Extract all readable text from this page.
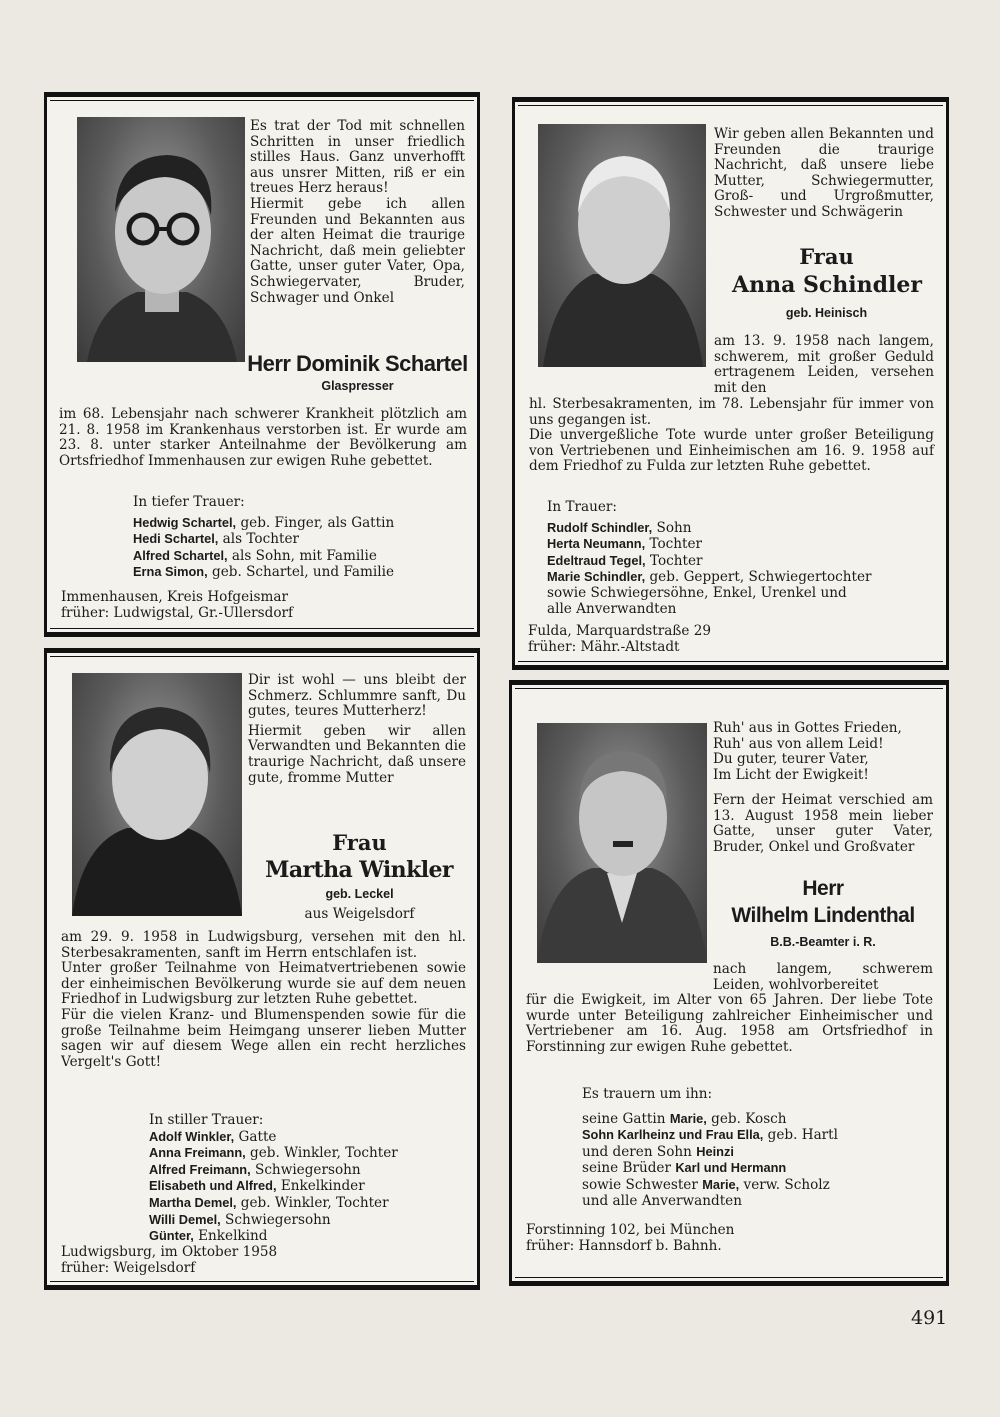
Es trat der Tod mit schnellen Schritten in unser friedlich stilles Haus. Ganz unverhofft aus unsrer Mitten, riß er ein treues Herz heraus!

Hiermit gebe ich allen Freunden und Bekannten aus der alten Heimat die traurige Nachricht, daß mein geliebter Gatte, unser guter Vater, Opa, Schwiegervater, Bruder, Schwager und Onkel

Herr Dominik Schartel
Glaspresser
im 68. Lebensjahr nach schwerer Krankheit plötzlich am 21. 8. 1958 im Krankenhaus verstorben ist. Er wurde am 23. 8. unter starker Anteilnahme der Bevölkerung am Ortsfriedhof Immenhausen zur ewigen Ruhe gebettet.

In tiefer Trauer:

Hedwig Schartel, geb. Finger, als Gattin

Hedi Schartel, als Tochter

Alfred Schartel, als Sohn, mit Familie

Erna Simon, geb. Schartel, und Familie

Immenhausen, Kreis Hofgeismar

früher: Ludwigstal, Gr.-Ullersdorf

Wir geben allen Bekannten und Freunden die traurige Nachricht, daß unsere liebe Mutter, Schwiegermutter, Groß- und Urgroßmutter, Schwester und Schwägerin
Frau
Anna Schindler
geb. Heinisch
am 13. 9. 1958 nach langem, schwerem, mit großer Geduld ertragenem Leiden, versehen mit den

hl. Sterbesakramenten, im 78. Lebensjahr für immer von uns gegangen ist.

Die unvergeßliche Tote wurde unter großer Beteiligung von Vertriebenen und Einheimischen am 16. 9. 1958 auf dem Friedhof zu Fulda zur letzten Ruhe gebettet.

In Trauer:

Rudolf Schindler, Sohn

Herta Neumann, Tochter

Edeltraud Tegel, Tochter

Marie Schindler, geb. Geppert, Schwiegertochter

sowie Schwiegersöhne, Enkel, Urenkel und

alle Anverwandten

Fulda, Marquardstraße 29

früher: Mähr.-Altstadt

Dir ist wohl — uns bleibt der Schmerz. Schlummre sanft, Du gutes, teures Mutterherz!

Hiermit geben wir allen Verwandten und Bekannten die traurige Nachricht, daß unsere gute, fromme Mutter

Frau
Martha Winkler
geb. Leckel
aus Weigelsdorf

am 29. 9. 1958 in Ludwigsburg, versehen mit den hl. Sterbesakramenten, sanft im Herrn entschlafen ist.

Unter großer Teilnahme von Heimatvertriebenen sowie der einheimischen Bevölkerung wurde sie auf dem neuen Friedhof in Ludwigsburg zur letzten Ruhe gebettet.

Für die vielen Kranz- und Blumenspenden sowie für die große Teilnahme beim Heimgang unserer lieben Mutter sagen wir auf diesem Wege allen ein recht herzliches Vergelt's Gott!

In stiller Trauer:

Adolf Winkler, Gatte

Anna Freimann, geb. Winkler, Tochter

Alfred Freimann, Schwiegersohn

Elisabeth und Alfred, Enkelkinder

Martha Demel, geb. Winkler, Tochter

Willi Demel, Schwiegersohn

Günter, Enkelkind

Ludwigsburg, im Oktober 1958

früher: Weigelsdorf

Ruh' aus in Gottes Frieden,

Ruh' aus von allem Leid!

Du guter, teurer Vater,

Im Licht der Ewigkeit!

Fern der Heimat verschied am 13. August 1958 mein lieber Gatte, unser guter Vater, Bruder, Onkel und Großvater
Herr
Wilhelm Lindenthal
B.B.-Beamter i. R.
nach langem, schwerem Leiden, wohlvorbereitet
für die Ewigkeit, im Alter von 65 Jahren. Der liebe Tote wurde unter Beteiligung zahlreicher Einheimischer und Vertriebener am 16. Aug. 1958 am Ortsfriedhof in Forstinning zur ewigen Ruhe gebettet.

Es trauern um ihn:

seine Gattin Marie, geb. Kosch

Sohn Karlheinz und Frau Ella, geb. Hartl

und deren Sohn Heinzi

seine Brüder Karl und Hermann

sowie Schwester Marie, verw. Scholz

und alle Anverwandten

Forstinning 102, bei München

früher: Hannsdorf b. Bahnh.

491
